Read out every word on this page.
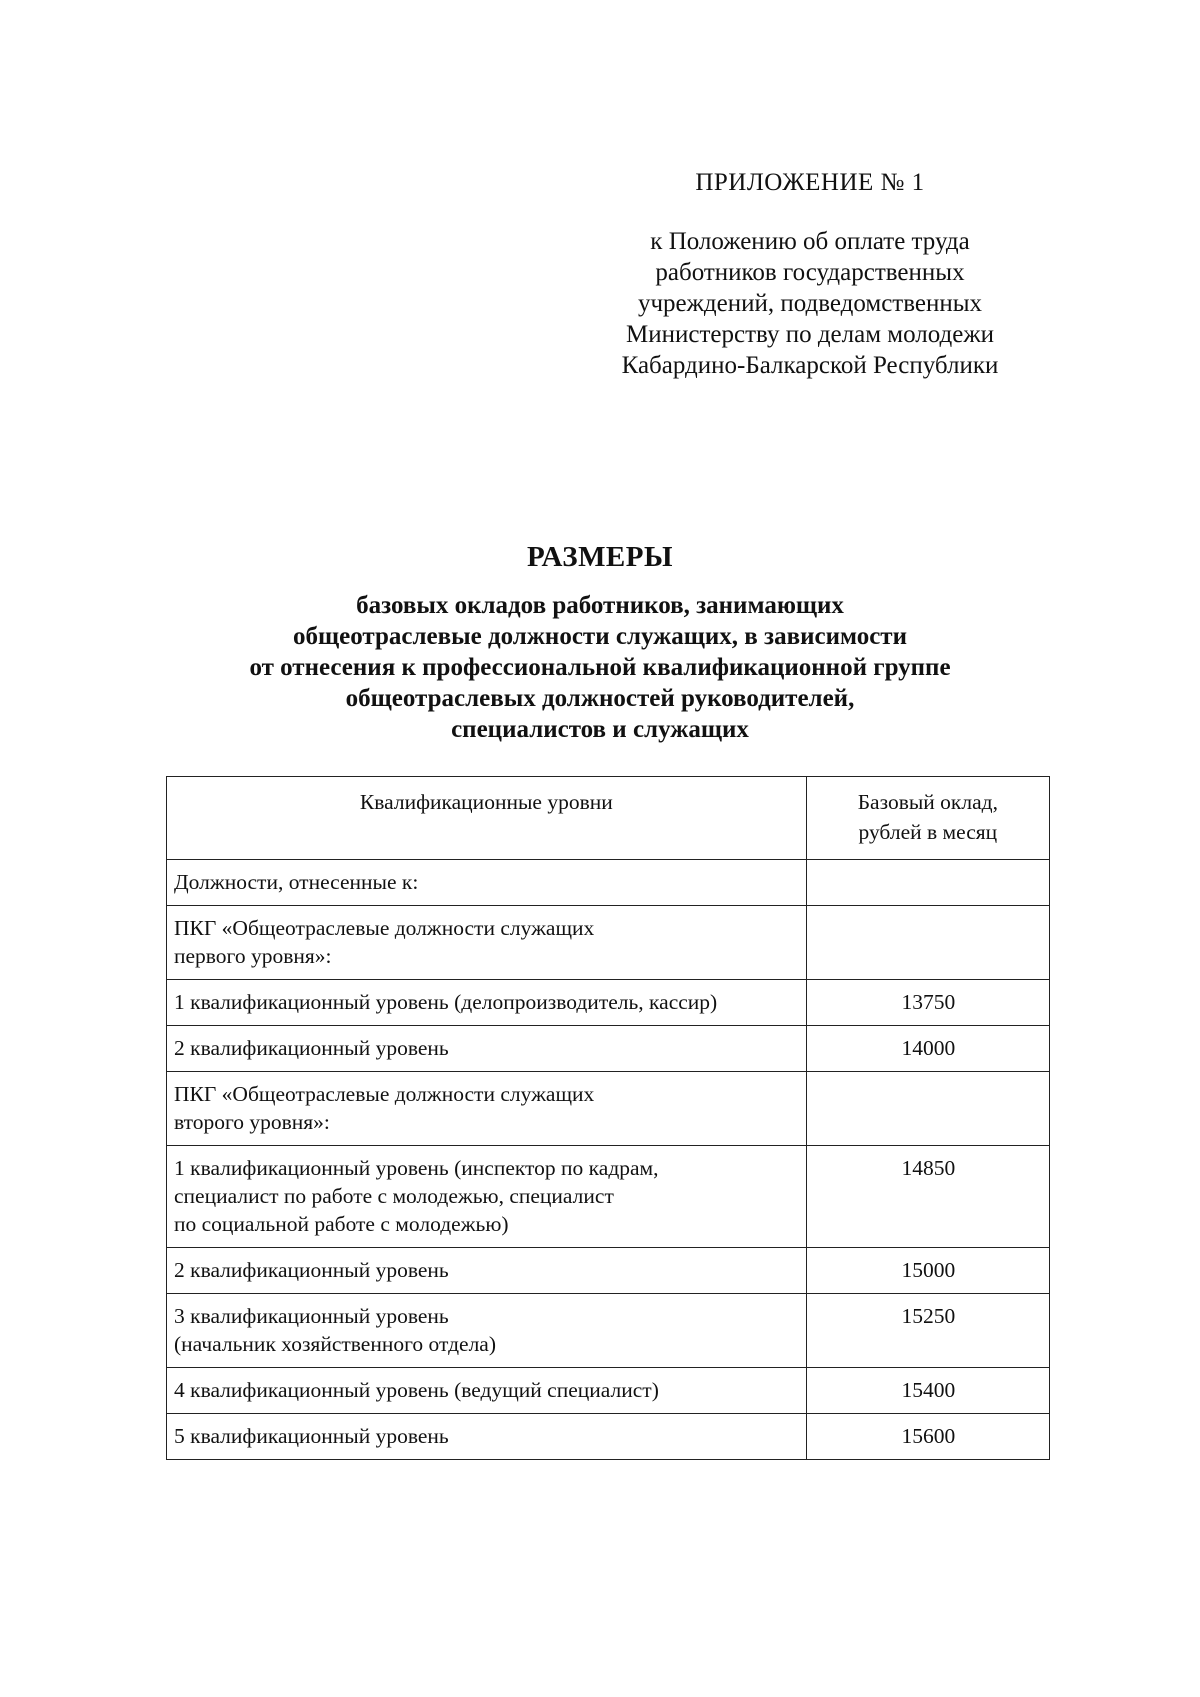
ПРИЛОЖЕНИЕ № 1
к Положению об оплате труда
работников государственных
учреждений, подведомственных
Министерству по делам молодежи
Кабардино-Балкарской Республики
РАЗМЕРЫ
базовых окладов работников, занимающих
общеотраслевые должности служащих, в зависимости
от отнесения к профессиональной квалификационной группе
общеотраслевых должностей руководителей,
специалистов и служащих
Квалификационные уровни	Базовый оклад,
рублей в месяц

Должности, отнесенные к:	

ПКГ «Общеотраслевые должности служащих
первого уровня»:	

1 квалификационный уровень (делопроизводитель, кассир)	13750

2 квалификационный уровень	14000

ПКГ «Общеотраслевые должности служащих
второго уровня»:	

1 квалификационный уровень (инспектор по кадрам,
специалист по работе с молодежью, специалист
по социальной работе с молодежью)	14850

2 квалификационный уровень	15000

3 квалификационный уровень
(начальник хозяйственного отдела)	15250

4 квалификационный уровень (ведущий специалист)	15400

5 квалификационный уровень	15600
